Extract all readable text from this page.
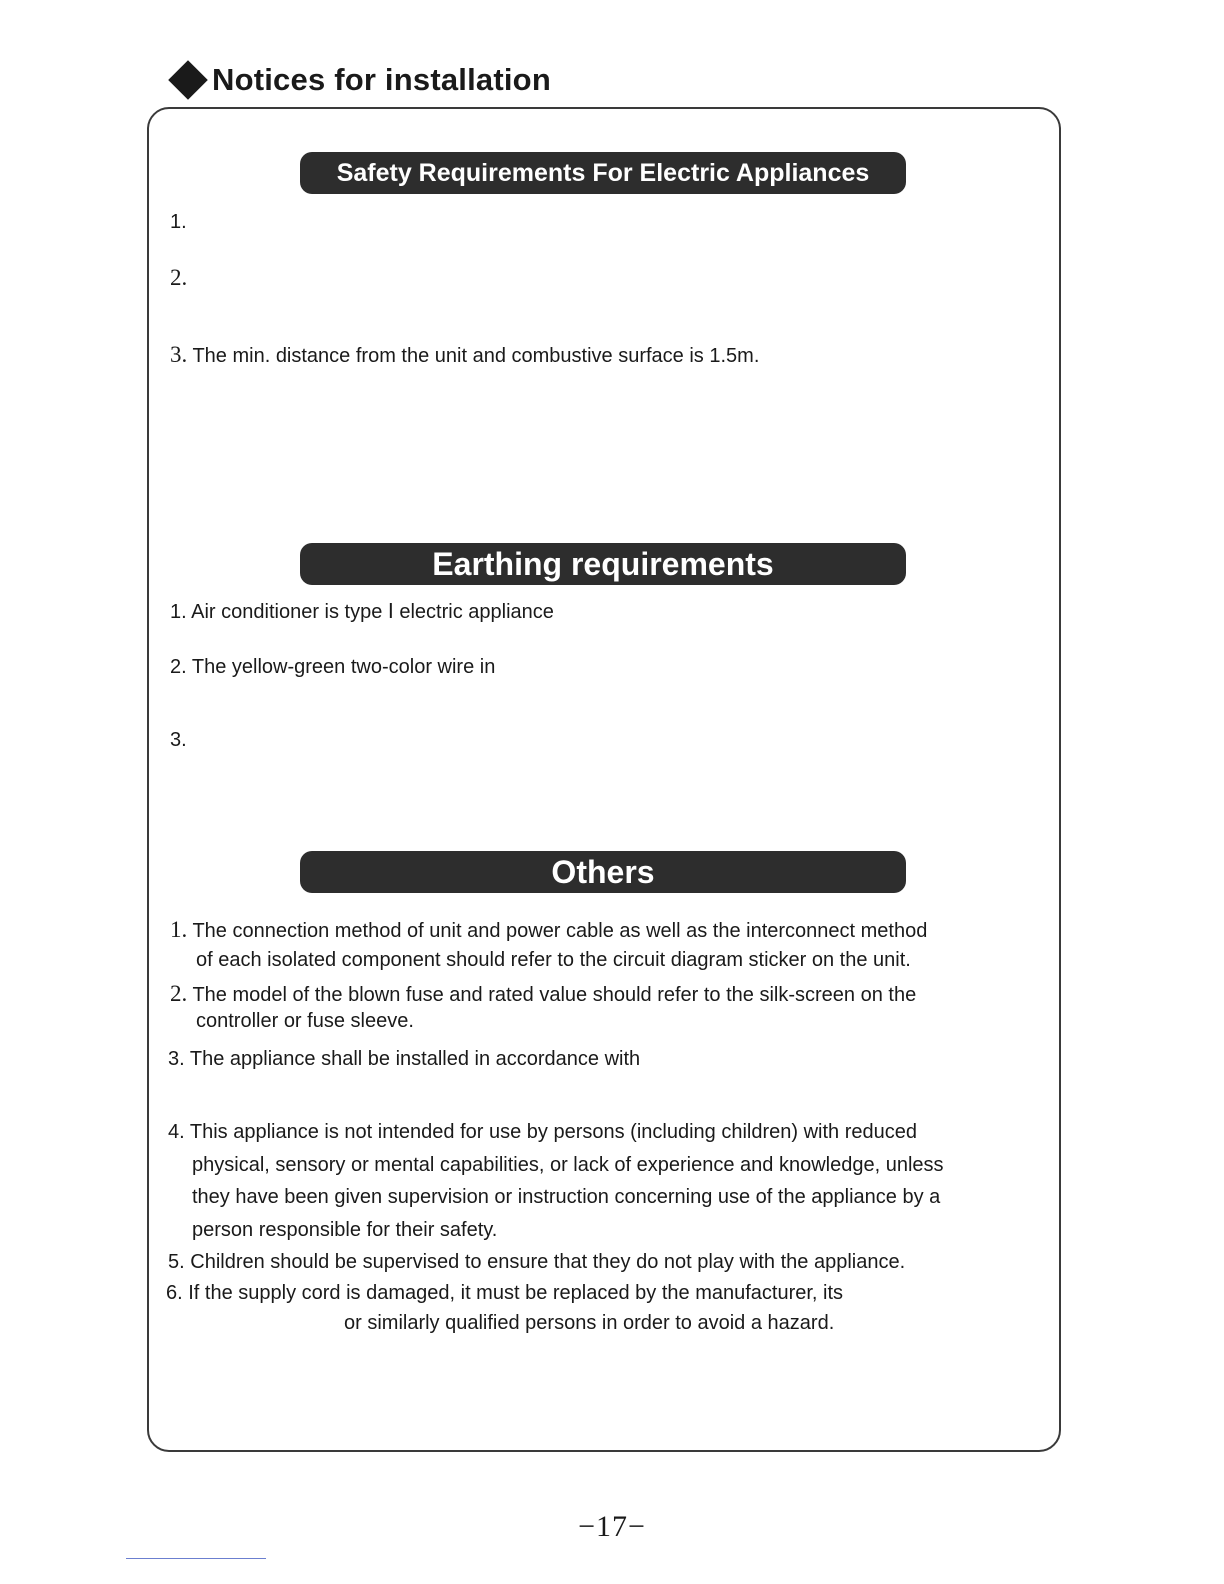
Notices for installation
Safety Requirements For Electric Appliances
1.
2.
3. The min. distance from the unit and combustive surface is 1.5m.
Earthing requirements
1. Air conditioner is type Ⅰ electric appliance
2. The yellow-green two-color wire in
3.
Others
1. The connection method of unit and power cable as well as the interconnect method
of each isolated component should refer to the circuit diagram sticker on the unit.
2. The model of the blown fuse and rated value should refer to the silk-screen on the
controller or fuse sleeve.
3. The appliance shall be installed in accordance with
4. This appliance is not intended for use by persons (including children) with reduced
physical, sensory or mental capabilities, or lack of experience and knowledge, unless
they have been given supervision or instruction concerning use of the appliance by a
person responsible for their safety.
5. Children should be supervised to ensure that they do not play with the appliance.
6. If the supply cord is damaged, it must be replaced by the manufacturer, its
or similarly qualified persons in order to avoid a hazard.
−17−
